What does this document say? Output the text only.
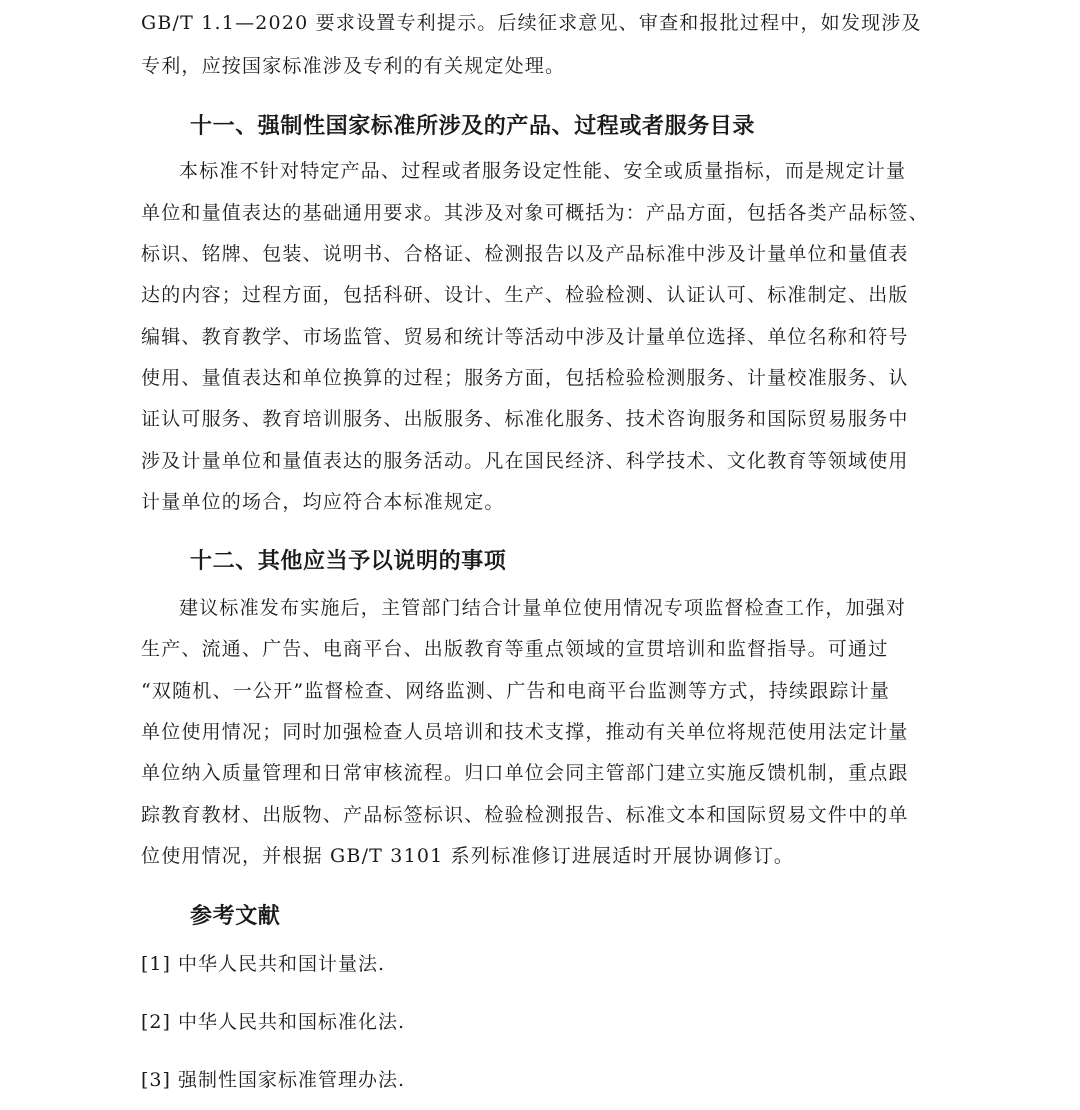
GB/T 1.1—2020 要求设置专利提示。后续征求意见、审查和报批过程中，如发现涉及
专利，应按国家标准涉及专利的有关规定处理。
十一、强制性国家标准所涉及的产品、过程或者服务目录
本标准不针对特定产品、过程或者服务设定性能、安全或质量指标，而是规定计量
单位和量值表达的基础通用要求。其涉及对象可概括为：产品方面，包括各类产品标签、
标识、铭牌、包装、说明书、合格证、检测报告以及产品标准中涉及计量单位和量值表
达的内容；过程方面，包括科研、设计、生产、检验检测、认证认可、标准制定、出版
编辑、教育教学、市场监管、贸易和统计等活动中涉及计量单位选择、单位名称和符号
使用、量值表达和单位换算的过程；服务方面，包括检验检测服务、计量校准服务、认
证认可服务、教育培训服务、出版服务、标准化服务、技术咨询服务和国际贸易服务中
涉及计量单位和量值表达的服务活动。凡在国民经济、科学技术、文化教育等领域使用
计量单位的场合，均应符合本标准规定。
十二、其他应当予以说明的事项
建议标准发布实施后，主管部门结合计量单位使用情况专项监督检查工作，加强对
生产、流通、广告、电商平台、出版教育等重点领域的宣贯培训和监督指导。可通过
“双随机、一公开”监督检查、网络监测、广告和电商平台监测等方式，持续跟踪计量
单位使用情况；同时加强检查人员培训和技术支撑，推动有关单位将规范使用法定计量
单位纳入质量管理和日常审核流程。归口单位会同主管部门建立实施反馈机制，重点跟
踪教育教材、出版物、产品标签标识、检验检测报告、标准文本和国际贸易文件中的单
位使用情况，并根据 GB/T 3101 系列标准修订进展适时开展协调修订。
参考文献
[1] 中华人民共和国计量法.
[2] 中华人民共和国标准化法.
[3] 强制性国家标准管理办法.
